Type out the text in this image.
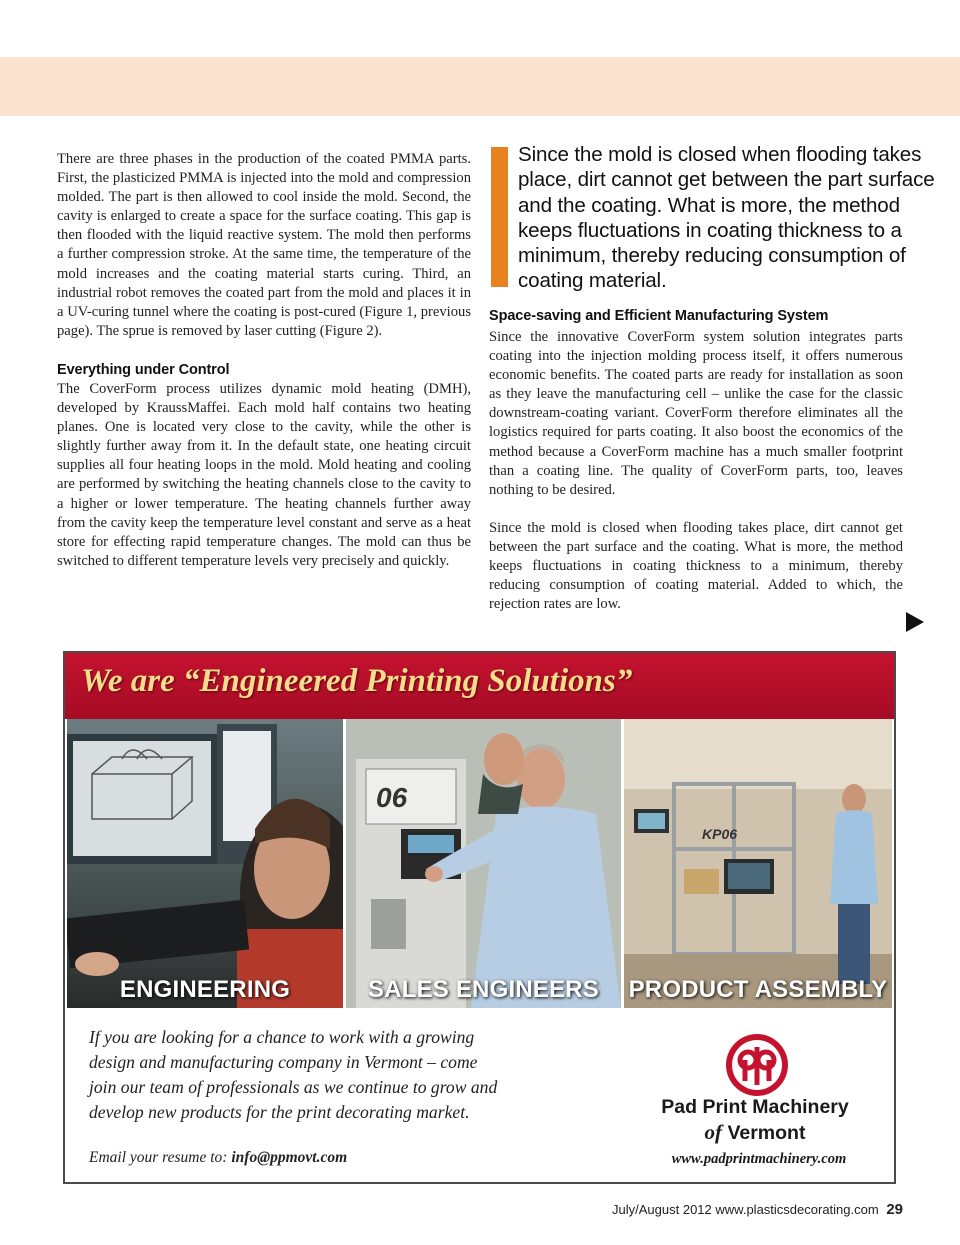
There are three phases in the production of the coated PMMA parts. First, the plasticized PMMA is injected into the mold and compression molded. The part is then allowed to cool inside the mold. Second, the cavity is enlarged to create a space for the surface coating. This gap is then flooded with the liquid reactive system. The mold then performs a further compression stroke. At the same time, the temperature of the mold increases and the coating material starts curing. Third, an industrial robot removes the coated part from the mold and places it in a UV-curing tunnel where the coating is post-cured (Figure 1, previous page). The sprue is removed by laser cutting (Figure 2).

Everything under Control

The CoverForm process utilizes dynamic mold heating (DMH), developed by KraussMaffei. Each mold half contains two heating planes. One is located very close to the cavity, while the other is slightly further away from it. In the default state, one heating circuit supplies all four heating loops in the mold. Mold heating and cooling are performed by switching the heating channels close to the cavity to a higher or lower temperature. The heating channels further away from the cavity keep the temperature level constant and serve as a heat store for effecting rapid temperature changes. The mold can thus be switched to different temperature levels very precisely and quickly.

Since the mold is closed when flooding takes place, dirt cannot get between the part surface and the coating. What is more, the method keeps fluctuations in coating thickness to a minimum, thereby reducing consumption of coating material.
Space-saving and Efficient Manufacturing System

Since the innovative CoverForm system solution integrates parts coating into the injection molding process itself, it offers numerous economic benefits. The coated parts are ready for installation as soon as they leave the manufacturing cell – unlike the case for the classic downstream-coating variant. CoverForm therefore eliminates all the logistics required for parts coating. It also boost the economics of the method because a CoverForm machine has a much smaller footprint than a coating line. The quality of CoverForm parts, too, leaves nothing to be desired.

Since the mold is closed when flooding takes place, dirt cannot get between the part surface and the coating. What is more, the method keeps fluctuations in coating thickness to a minimum, thereby reducing consumption of coating material. Added to which, the rejection rates are low.

We are “Engineered Printing Solutions”
ENGINEERING
06
SALES ENGINEERS
KP06
PRODUCT ASSEMBLY
If you are looking for a chance to work with a growing design and manufacturing company in Vermont – come join our team of professionals as we continue to grow and develop new products for the print decorating market.
Email your resume to: info@ppmovt.com
Pad Print Machinery
of Vermont
www.padprintmachinery.com
July/August 2012 www.plasticsdecorating.com 29
